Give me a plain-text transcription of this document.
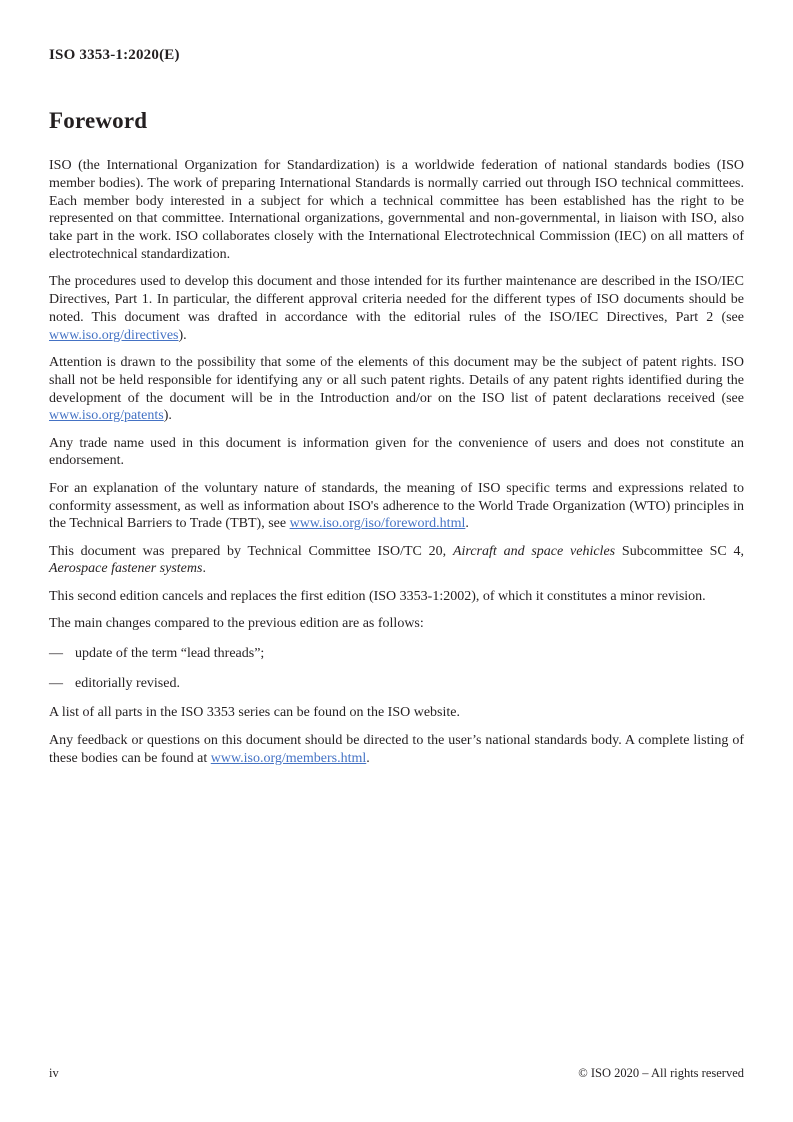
ISO 3353-1:2020(E)
Foreword

ISO (the International Organization for Standardization) is a worldwide federation of national standards bodies (ISO member bodies). The work of preparing International Standards is normally carried out through ISO technical committees. Each member body interested in a subject for which a technical committee has been established has the right to be represented on that committee. International organizations, governmental and non-governmental, in liaison with ISO, also take part in the work. ISO collaborates closely with the International Electrotechnical Commission (IEC) on all matters of electrotechnical standardization.

The procedures used to develop this document and those intended for its further maintenance are described in the ISO/IEC Directives, Part 1. In particular, the different approval criteria needed for the different types of ISO documents should be noted. This document was drafted in accordance with the editorial rules of the ISO/IEC Directives, Part 2 (see www.iso.org/directives).

Attention is drawn to the possibility that some of the elements of this document may be the subject of patent rights. ISO shall not be held responsible for identifying any or all such patent rights. Details of any patent rights identified during the development of the document will be in the Introduction and/or on the ISO list of patent declarations received (see www.iso.org/patents).

Any trade name used in this document is information given for the convenience of users and does not constitute an endorsement.

For an explanation of the voluntary nature of standards, the meaning of ISO specific terms and expressions related to conformity assessment, as well as information about ISO's adherence to the World Trade Organization (WTO) principles in the Technical Barriers to Trade (TBT), see www.iso.org/iso/foreword.html.

This document was prepared by Technical Committee ISO/TC 20, Aircraft and space vehicles Subcommittee SC 4, Aerospace fastener systems.

This second edition cancels and replaces the first edition (ISO 3353-1:2002), of which it constitutes a minor revision.

The main changes compared to the previous edition are as follows:

— update of the term “lead threads”;
— editorially revised.

A list of all parts in the ISO 3353 series can be found on the ISO website.

Any feedback or questions on this document should be directed to the user’s national standards body. A complete listing of these bodies can be found at www.iso.org/members.html.

iv	© ISO 2020 – All rights reserved
